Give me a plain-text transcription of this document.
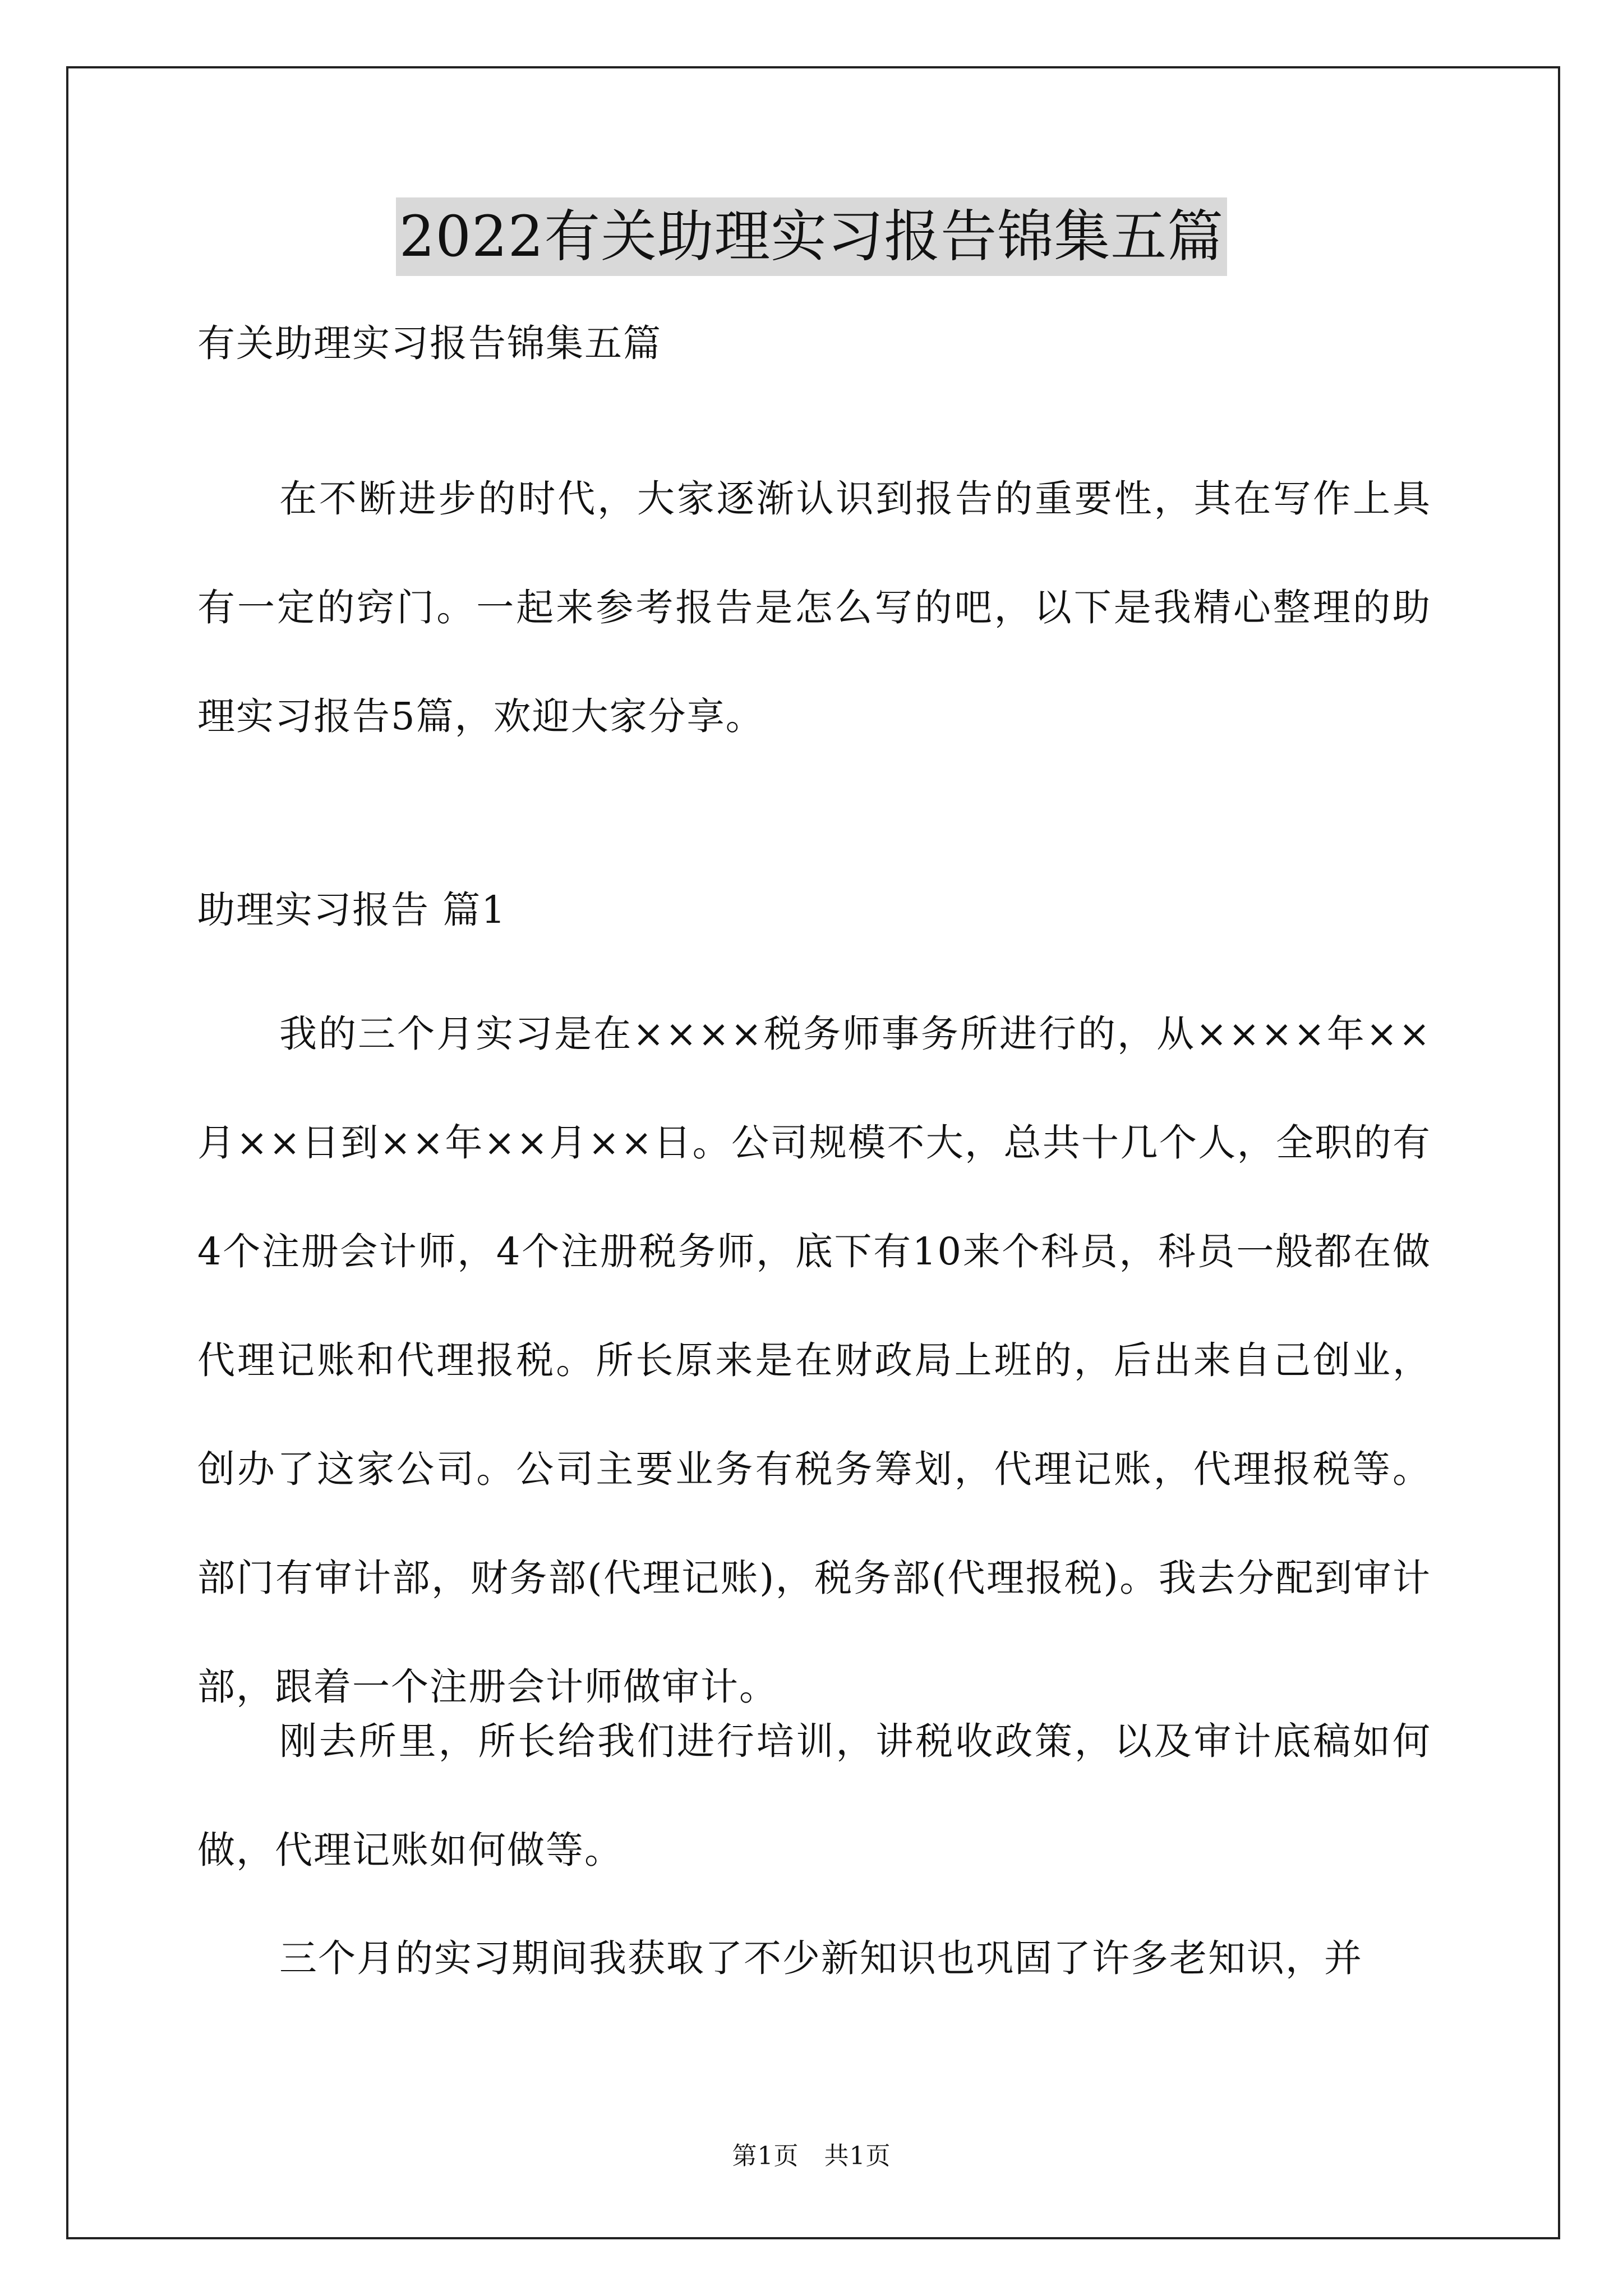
2022有关助理实习报告锦集五篇
有关助理实习报告锦集五篇

在不断进步的时代，大家逐渐认识到报告的重要性，其在写作上具有一定的窍门。一起来参考报告是怎么写的吧，以下是我精心整理的助理实习报告5篇，欢迎大家分享。

助理实习报告 篇1

我的三个月实习是在××××税务师事务所进行的，从××××年××月××日到××年××月××日。公司规模不大，总共十几个人，全职的有4个注册会计师，4个注册税务师，底下有10来个科员，科员一般都在做代理记账和代理报税。所长原来是在财政局上班的，后出来自己创业，创办了这家公司。公司主要业务有税务筹划，代理记账，代理报税等。部门有审计部，财务部(代理记账)，税务部(代理报税)。我去分配到审计部，跟着一个注册会计师做审计。

刚去所里，所长给我们进行培训，讲税收政策，以及审计底稿如何做，代理记账如何做等。

三个月的实习期间我获取了不少新知识也巩固了许多老知识，并

第1页　共1页
